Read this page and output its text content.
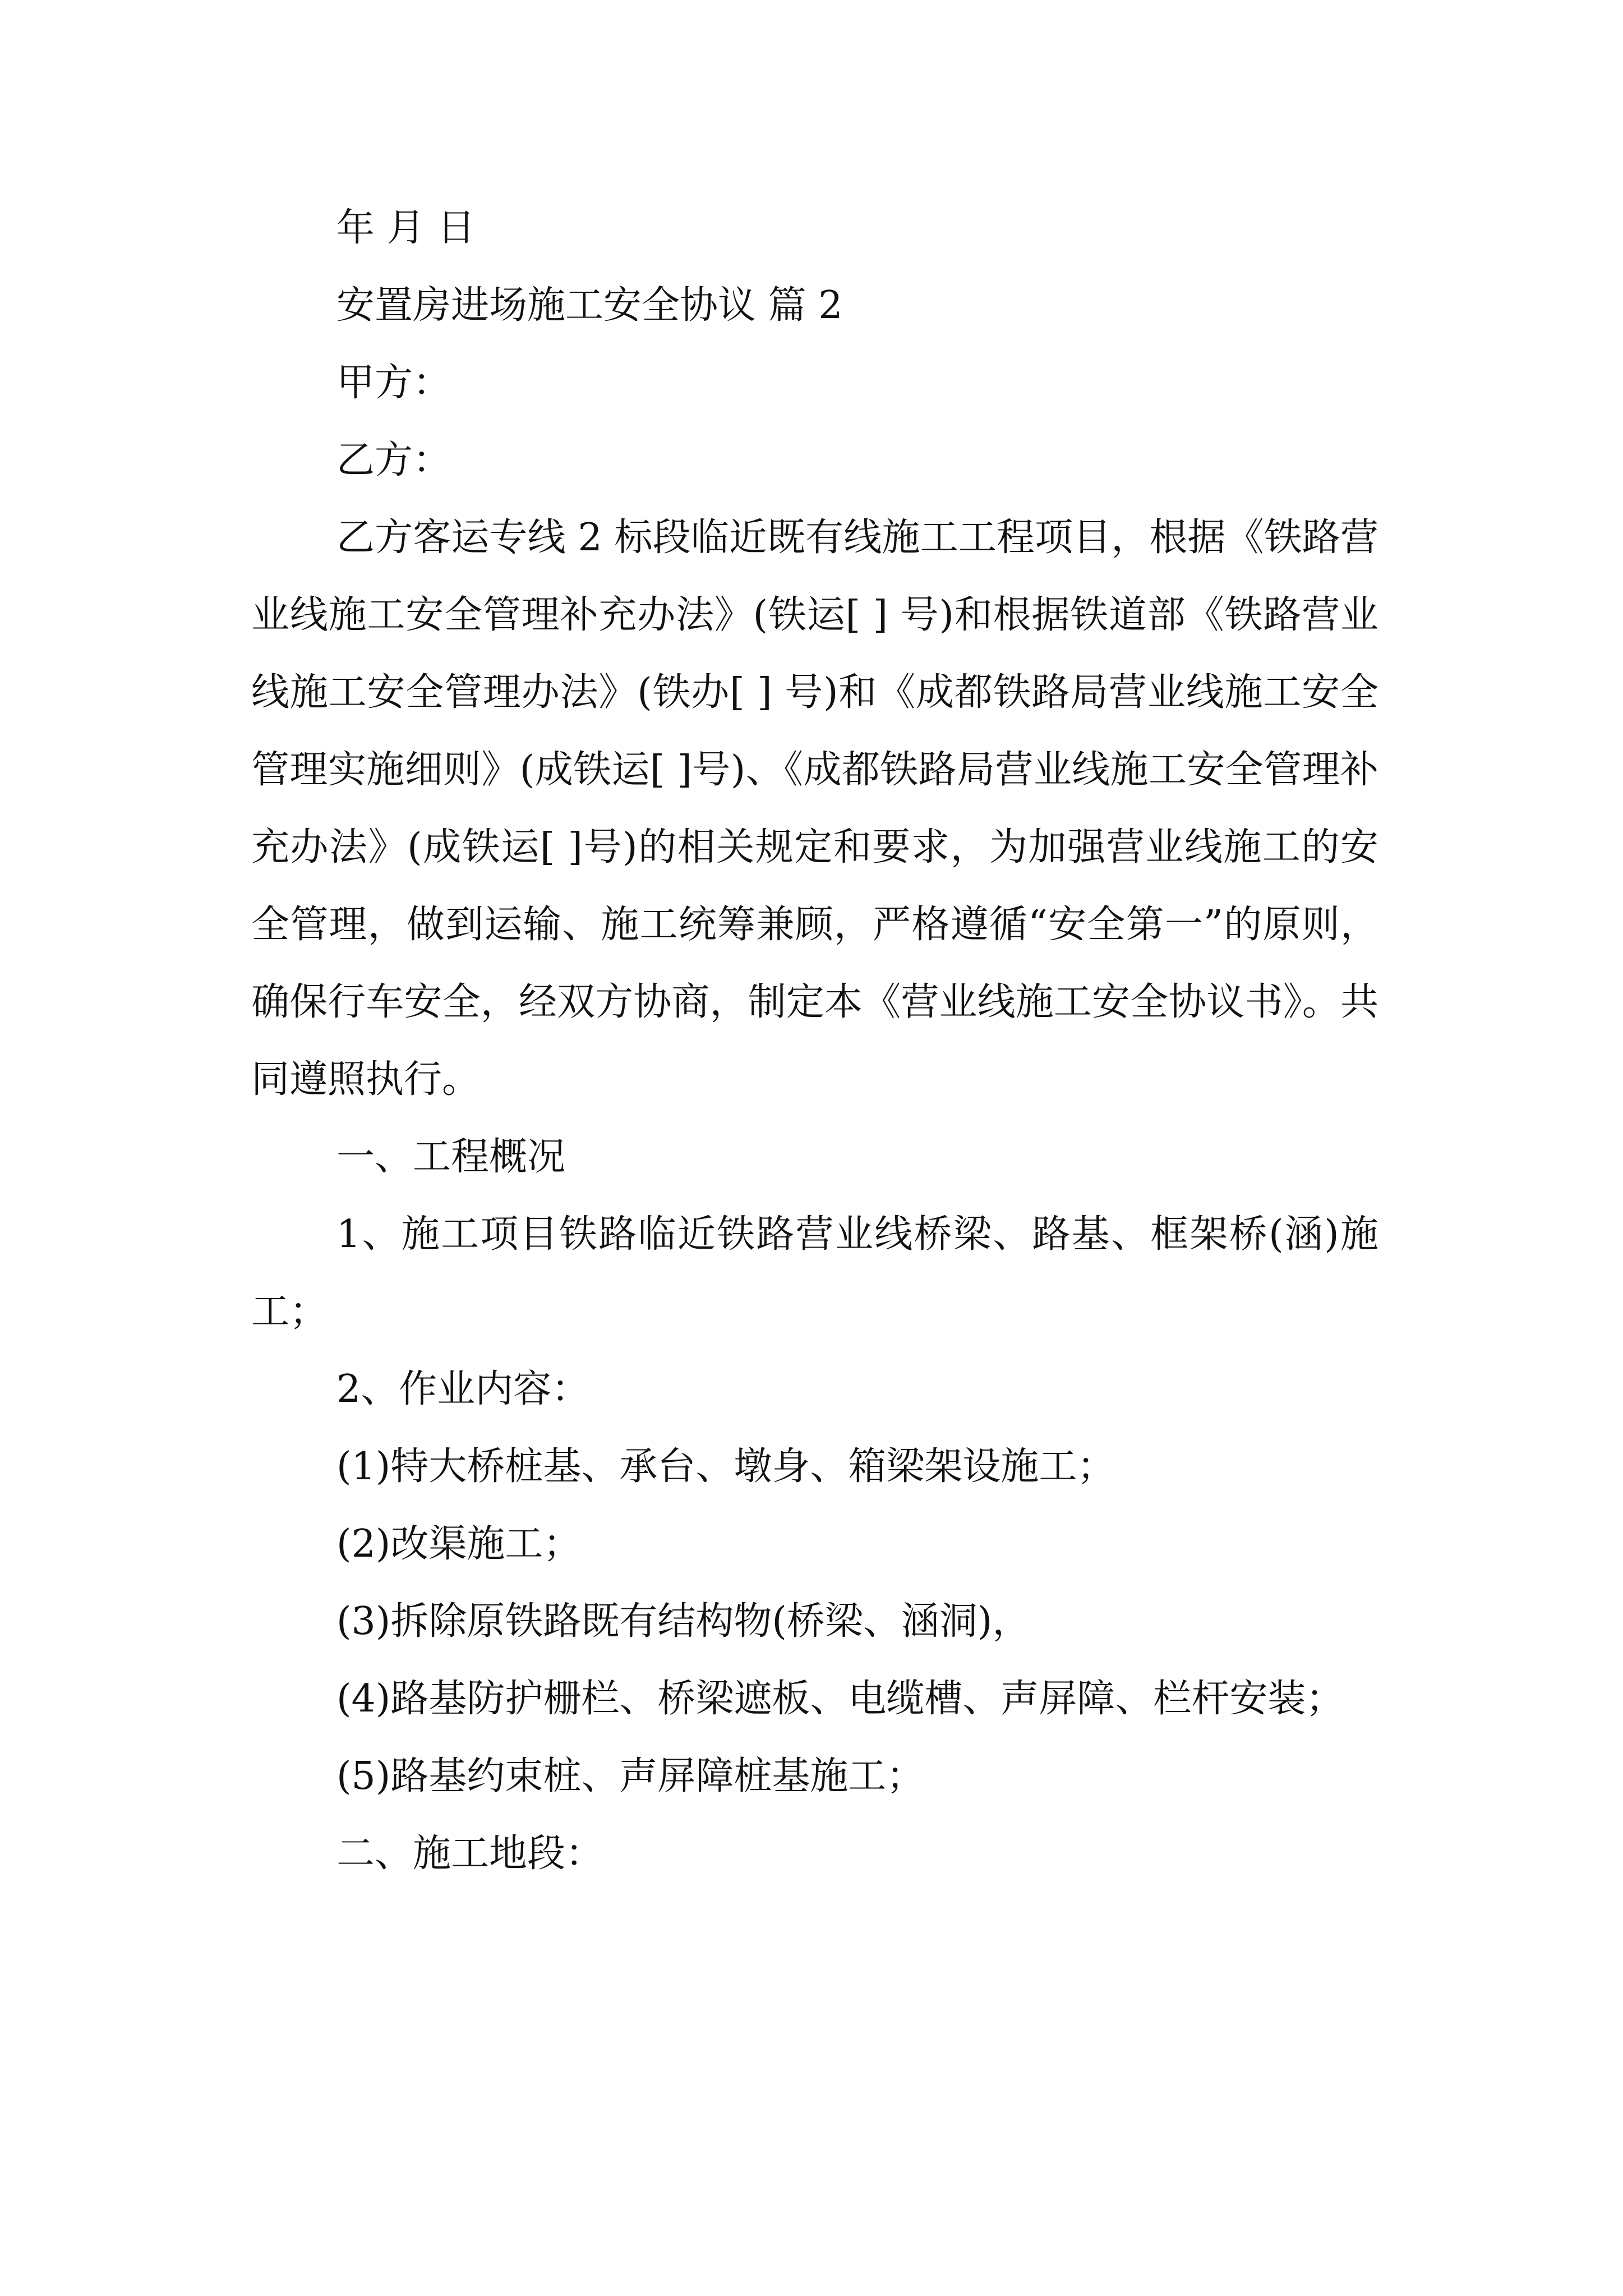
年 月 日

安置房进场施工安全协议 篇 2

甲方：

乙方：

乙方客运专线 2 标段临近既有线施工工程项目，根据《铁路营业线施工安全管理补充办法》(铁运[ ] 号)和根据铁道部《铁路营业线施工安全管理办法》(铁办[ ] 号)和《成都铁路局营业线施工安全管理实施细则》(成铁运[ ]号)、《成都铁路局营业线施工安全管理补充办法》(成铁运[ ]号)的相关规定和要求，为加强营业线施工的安全管理，做到运输、施工统筹兼顾，严格遵循“安全第一”的原则，确保行车安全，经双方协商，制定本《营业线施工安全协议书》。共同遵照执行。

一、工程概况

1、施工项目铁路临近铁路营业线桥梁、路基、框架桥(涵)施工；

2、作业内容：

(1)特大桥桩基、承台、墩身、箱梁架设施工；

(2)改渠施工；

(3)拆除原铁路既有结构物(桥梁、涵洞)，

(4)路基防护栅栏、桥梁遮板、电缆槽、声屏障、栏杆安装；

(5)路基约束桩、声屏障桩基施工；

二、施工地段：
